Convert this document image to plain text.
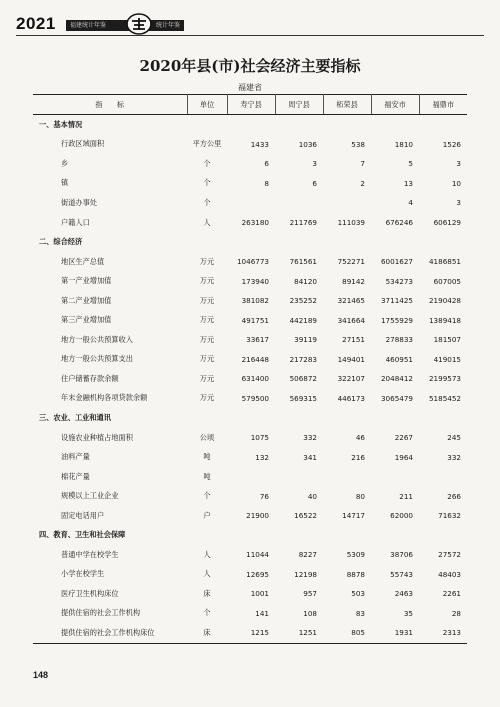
2021 福建统计年鉴	统计年鉴
2020年县(市)社会经济主要指标
福建省
指　　标	单位	寿宁县	周宁县	柘荣县	福安市	福鼎市
一、基本情况						
行政区域面积	平方公里	1433	1036	538	1810	1526
乡	个	6	3	7	5	3
镇	个	8	6	2	13	10
街道办事处	个				4	3
户籍人口	人	263180	211769	111039	676246	606129
二、综合经济						
地区生产总值	万元	1046773	761561	752271	6001627	4186851
第一产业增加值	万元	173940	84120	89142	534273	607005
第二产业增加值	万元	381082	235252	321465	3711425	2190428
第三产业增加值	万元	491751	442189	341664	1755929	1389418
地方一般公共预算收入	万元	33617	39119	27151	278833	181507
地方一般公共预算支出	万元	216448	217283	149401	460951	419015
住户储蓄存款余额	万元	631400	506872	322107	2048412	2199573
年末金融机构各项贷款余额	万元	579500	569315	446173	3065479	5185452
三、农业、工业和通讯						
设施农业种植占地面积	公顷	1075	332	46	2267	245
油料产量	吨	132	341	216	1964	332
棉花产量	吨					
规模以上工业企业	个	76	40	80	211	266
固定电话用户	户	21900	16522	14717	62000	71632
四、教育、卫生和社会保障						
普通中学在校学生	人	11044	8227	5309	38706	27572
小学在校学生	人	12695	12198	8878	55743	48403
医疗卫生机构床位	床	1001	957	503	2463	2261
提供住宿的社会工作机构	个	141	108	83	35	28
提供住宿的社会工作机构床位	床	1215	1251	805	1931	2313
148
